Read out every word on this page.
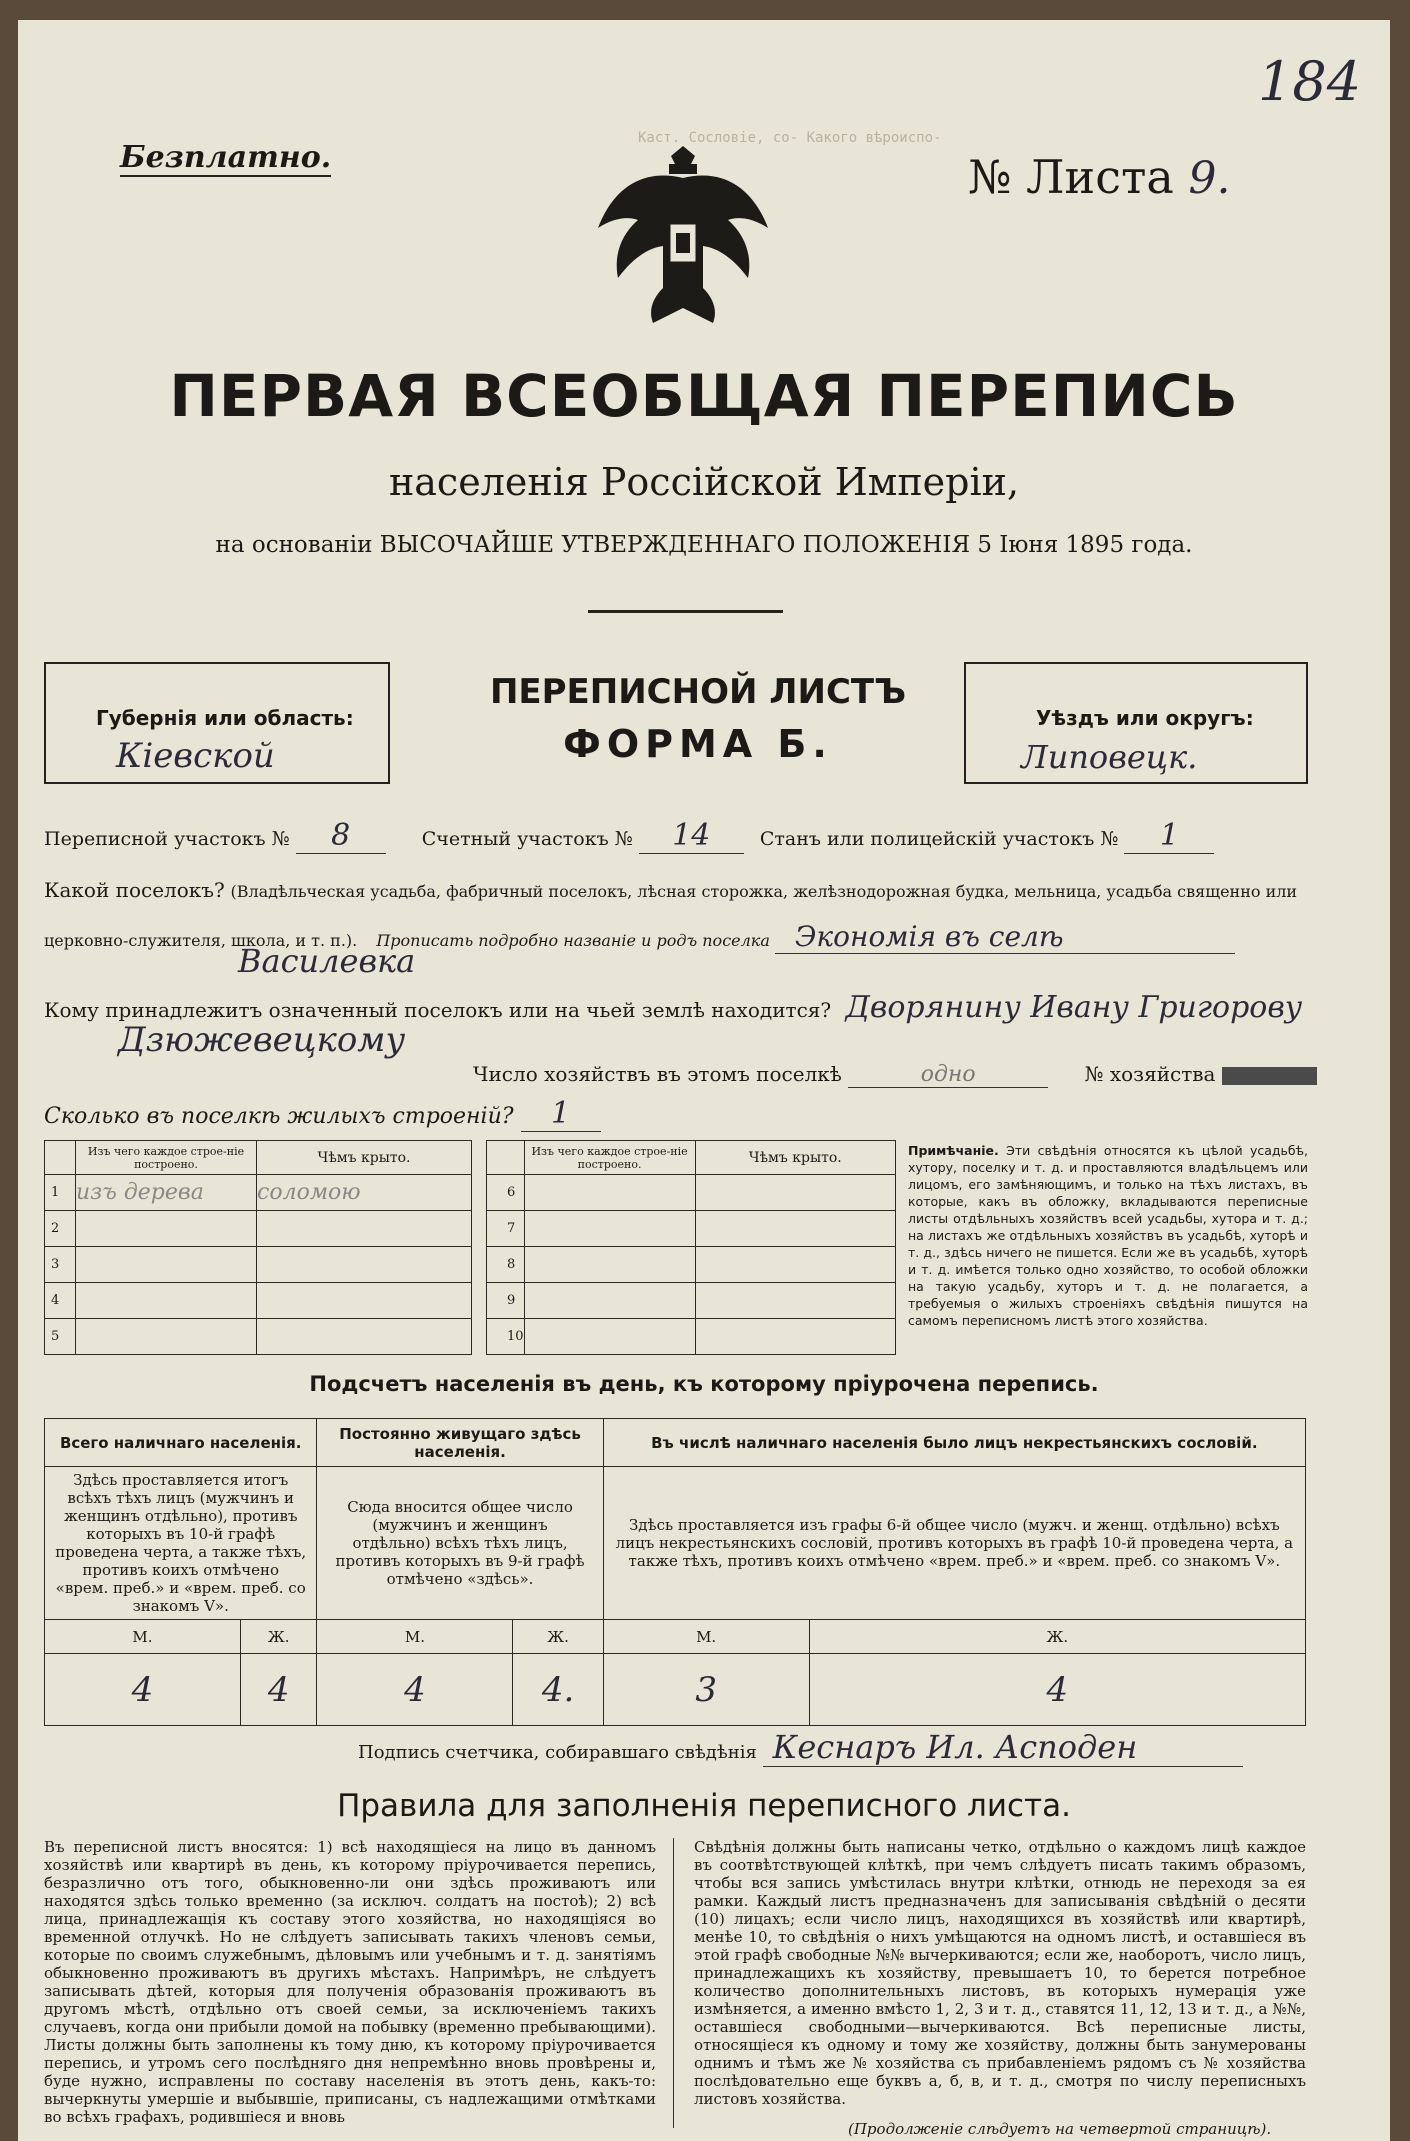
Каст. Сословіе, со- Какого вѣроиспо-
184
Безплатно.	№ Листа 9.
ПЕРВАЯ ВСЕОБЩАЯ ПЕРЕПИСЬ
населенія Россійской Имперіи,
на основаніи ВЫСОЧАЙШЕ УТВЕРЖДЕННАГО ПОЛОЖЕНІЯ 5 Іюня 1895 года.
Губернія или область:
Кіевской
ПЕРЕПИСНОЙ ЛИСТЪ
ФОРМА Б.
Уѣздъ или округъ:
Липовецк.
Переписной участокъ № 8	Счетный участокъ № 14	Станъ или полицейскій участокъ № 1
Какой поселокъ? (Владѣльческая усадьба, фабричный поселокъ, лѣсная сторожка, желѣзнодорожная будка, мельница, усадьба священно или
церковно-служителя, школа, и т. п.). Прописать подробно названіе и родъ поселка Экономія въ селѣ
Василевка
Кому принадлежитъ означенный поселокъ или на чьей землѣ находится? Дворянину Ивану Григорову
Дзюжевецкому
Число хозяйствъ въ этомъ поселкѣ	одно	№ хозяйства
Сколько въ поселкѣ жилыхъ строеній? 1
	Изъ чего каждое строе-ніе построено.	Чѣмъ крыто.
1	изъ дерева	соломою
2		
3		
4		
5		
	Изъ чего каждое строе-ніе построено.	Чѣмъ крыто.
6		
7		
8		
9		
10		
Примѣчаніе. Эти свѣдѣнія относятся къ цѣлой усадьбѣ, хутору, поселку и т. д. и проставляются владѣльцемъ или лицомъ, его замѣняющимъ, и только на тѣхъ листахъ, въ которые, какъ въ обложку, вкладываются переписные листы отдѣльныхъ хозяйствъ всей усадьбы, хутора и т. д.; на листахъ же отдѣльныхъ хозяйствъ въ усадьбѣ, хуторѣ и т. д., здѣсь ничего не пишется. Если же въ усадьбѣ, хуторѣ и т. д. имѣется только одно хозяйство, то особой обложки на такую усадьбу, хуторъ и т. д. не полагается, а требуемыя о жилыхъ строеніяхъ свѣдѣнія пишутся на самомъ переписномъ листѣ этого хозяйства.
Подсчетъ населенія въ день, къ которому пріурочена перепись.
Всего наличнаго населенія.		Постоянно живущаго здѣсь населенія.		Въ числѣ наличнаго населенія было лицъ некрестьянскихъ сословій.	
Здѣсь проставляется итогъ всѣхъ тѣхъ лицъ (мужчинъ и женщинъ отдѣльно), противъ которыхъ въ 10-й графѣ проведена черта, а также тѣхъ, противъ коихъ отмѣчено «врем. преб.» и «врем. преб. со знакомъ V».		Сюда вносится общее число (мужчинъ и женщинъ отдѣльно) всѣхъ тѣхъ лицъ, противъ которыхъ въ 9-й графѣ отмѣчено «здѣсь».		Здѣсь проставляется изъ графы 6-й общее число (мужч. и женщ. отдѣльно) всѣхъ лицъ некрестьянскихъ сословій, противъ которыхъ въ графѣ 10-й проведена черта, а также тѣхъ, противъ коихъ отмѣчено «врем. преб.» и «врем. преб. со знакомъ V».	
М.	Ж.	М.	Ж.	М.	Ж.
4	4	4	4.	3	4
Подпись счетчика, собиравшаго свѣдѣнія Кеснаръ Ил. Асподен
Правила для заполненія переписного листа.
Въ переписной листъ вносятся: 1) всѣ находящіеся на лицо въ данномъ хозяйствѣ или квартирѣ въ день, къ которому пріурочивается перепись, безразлично отъ того, обыкновенно-ли они здѣсь проживаютъ или находятся здѣсь только временно (за исключ. солдатъ на постоѣ); 2) всѣ лица, принадлежащія къ составу этого хозяйства, но находящіяся во временной отлучкѣ. Но не слѣдуетъ записывать такихъ членовъ семьи, которые по своимъ служебнымъ, дѣловымъ или учебнымъ и т. д. занятіямъ обыкновенно проживаютъ въ другихъ мѣстахъ. Напримѣръ, не слѣдуетъ записывать дѣтей, которыя для полученія образованія проживаютъ въ другомъ мѣстѣ, отдѣльно отъ своей семьи, за исключеніемъ такихъ случаевъ, когда они прибыли домой на побывку (временно пребывающими). Листы должны быть заполнены къ тому дню, къ которому пріурочивается перепись, и утромъ сего послѣдняго дня непремѣнно вновь провѣрены и, буде нужно, исправлены по составу населенія въ этотъ день, какъ-то: вычеркнуты умершіе и выбывшіе, приписаны, съ надлежащими отмѣтками во всѣхъ графахъ, родившіеся и вновь
Свѣдѣнія должны быть написаны четко, отдѣльно о каждомъ лицѣ каждое въ соотвѣтствующей клѣткѣ, при чемъ слѣдуетъ писать такимъ образомъ, чтобы вся запись умѣстилась внутри клѣтки, отнюдь не переходя за ея рамки. Каждый листъ предназначенъ для записыванія свѣдѣній о десяти (10) лицахъ; если число лицъ, находящихся въ хозяйствѣ или квартирѣ, менѣе 10, то свѣдѣнія о нихъ умѣщаются на одномъ листѣ, и оставшіеся въ этой графѣ свободные №№ вычеркиваются; если же, наоборотъ, число лицъ, принадлежащихъ къ хозяйству, превышаетъ 10, то берется потребное количество дополнительныхъ листовъ, въ которыхъ нумерація уже измѣняется, а именно вмѣсто 1, 2, 3 и т. д., ставятся 11, 12, 13 и т. д., а №№, оставшіеся свободными—вычеркиваются. Всѣ переписные листы, относящіеся къ одному и тому же хозяйству, должны быть занумерованы однимъ и тѣмъ же № хозяйства съ прибавленіемъ рядомъ съ № хозяйства послѣдовательно еще буквъ а, б, в, и т. д., смотря по числу переписныхъ листовъ хозяйства.
(Продолженіе слѣдуетъ на четвертой страницѣ).
